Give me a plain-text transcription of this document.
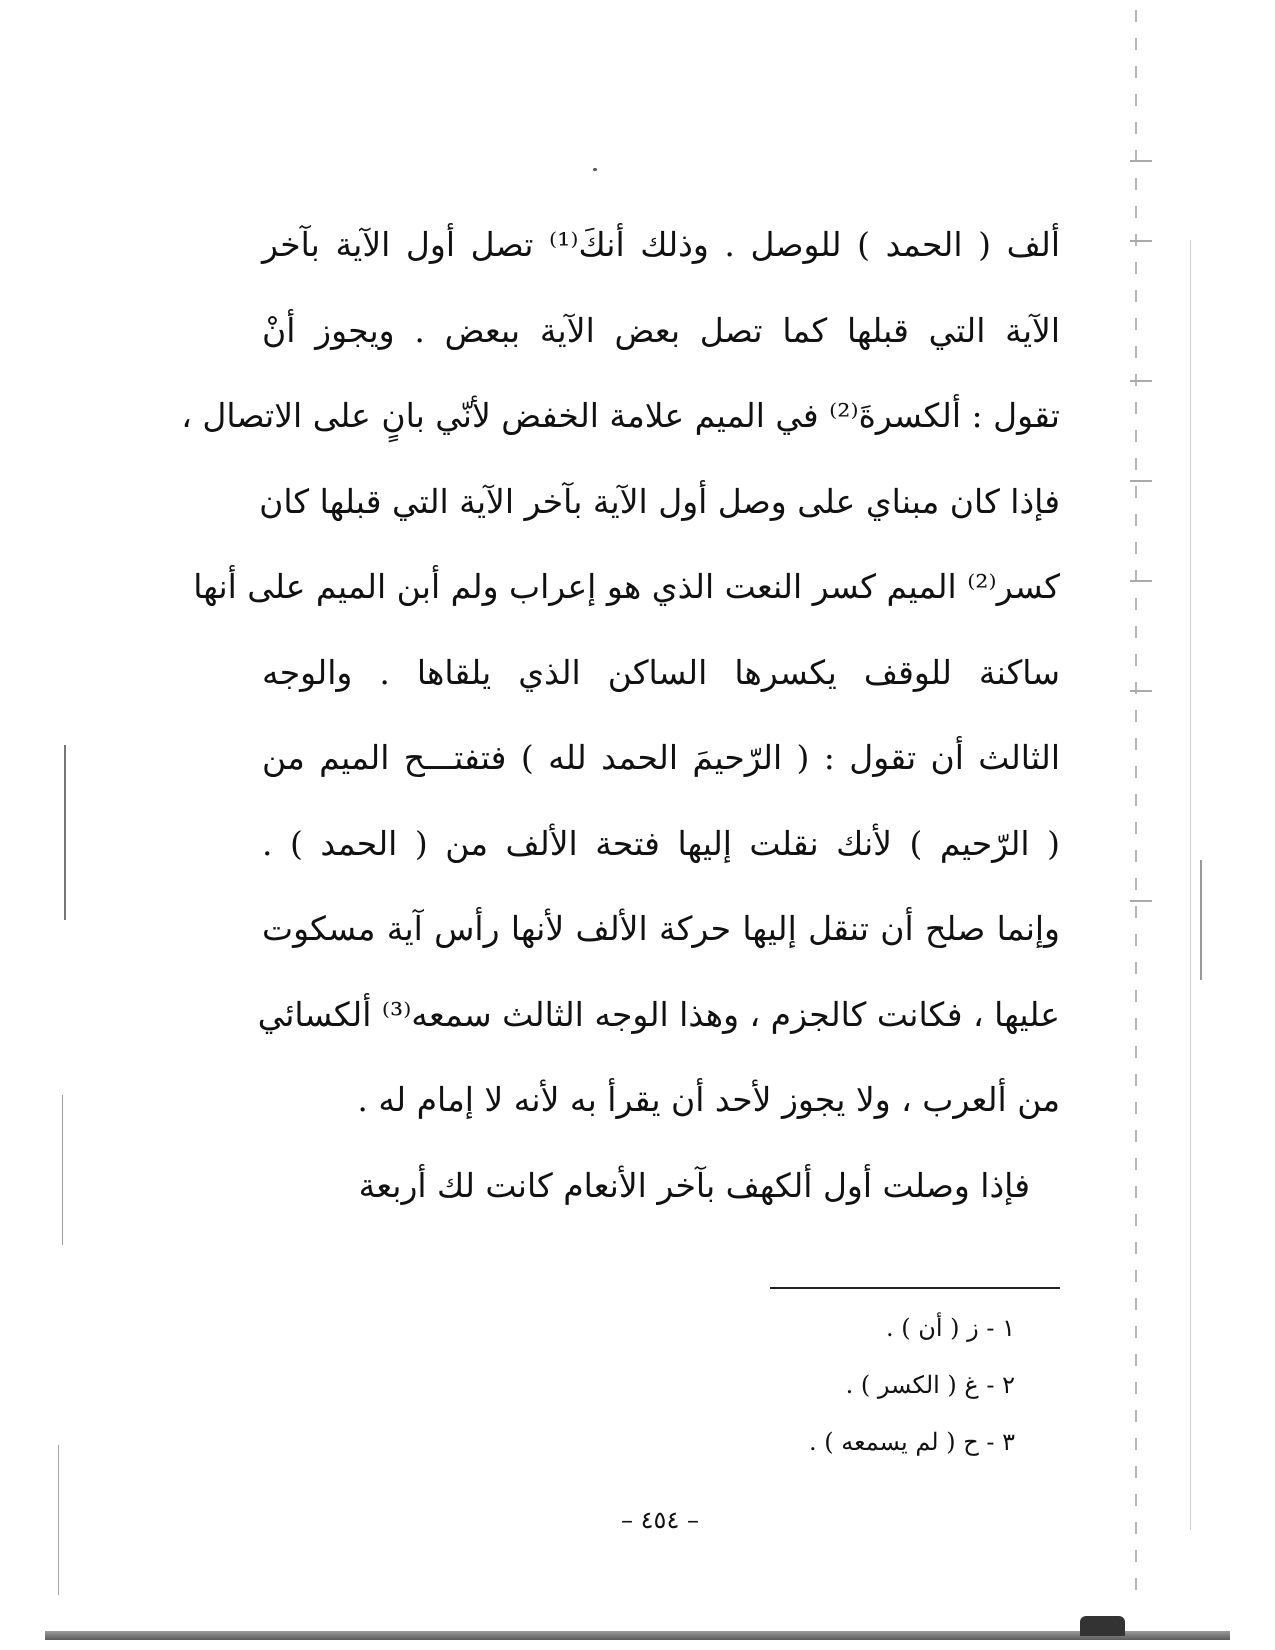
ألف ( الحمد ) للوصل . وذلك أنكَ⁽¹⁾ تصل أول الآية بآخر
الآية التي قبلها كما تصل بعض الآية ببعض . ويجوز أنْ
تقول : ألكسرةَ⁽²⁾ في الميم علامة الخفض لأنّي بانٍ على الاتصال ،
فإذا كان مبناي على وصل أول الآية بآخر الآية التي قبلها كان
كسر⁽²⁾ الميم كسر النعت الذي هو إعراب ولم أبن الميم على أنها
ساكنة للوقف يكسرها الساكن الذي يلقاها . والوجه
الثالث أن تقول : ( الرّحيمَ الحمد لله ) فتفتـــح الميم من
( الرّحيم ) لأنك نقلت إليها فتحة الألف من ( الحمد ) .
وإنما صلح أن تنقل إليها حركة الألف لأنها رأس آية مسكوت
عليها ، فكانت كالجزم ، وهذا الوجه الثالث سمعه⁽³⁾ ألكسائي
من ألعرب ، ولا يجوز لأحد أن يقرأ به لأنه لا إمام له .
فإذا وصلت أول ألكهف بآخر الأنعام كانت لك أربعة
١ - ز ( أن ) .
٢ - غ ( الكسر ) .
٣ - ح ( لم يسمعه ) .
– ٤٥٤ –
